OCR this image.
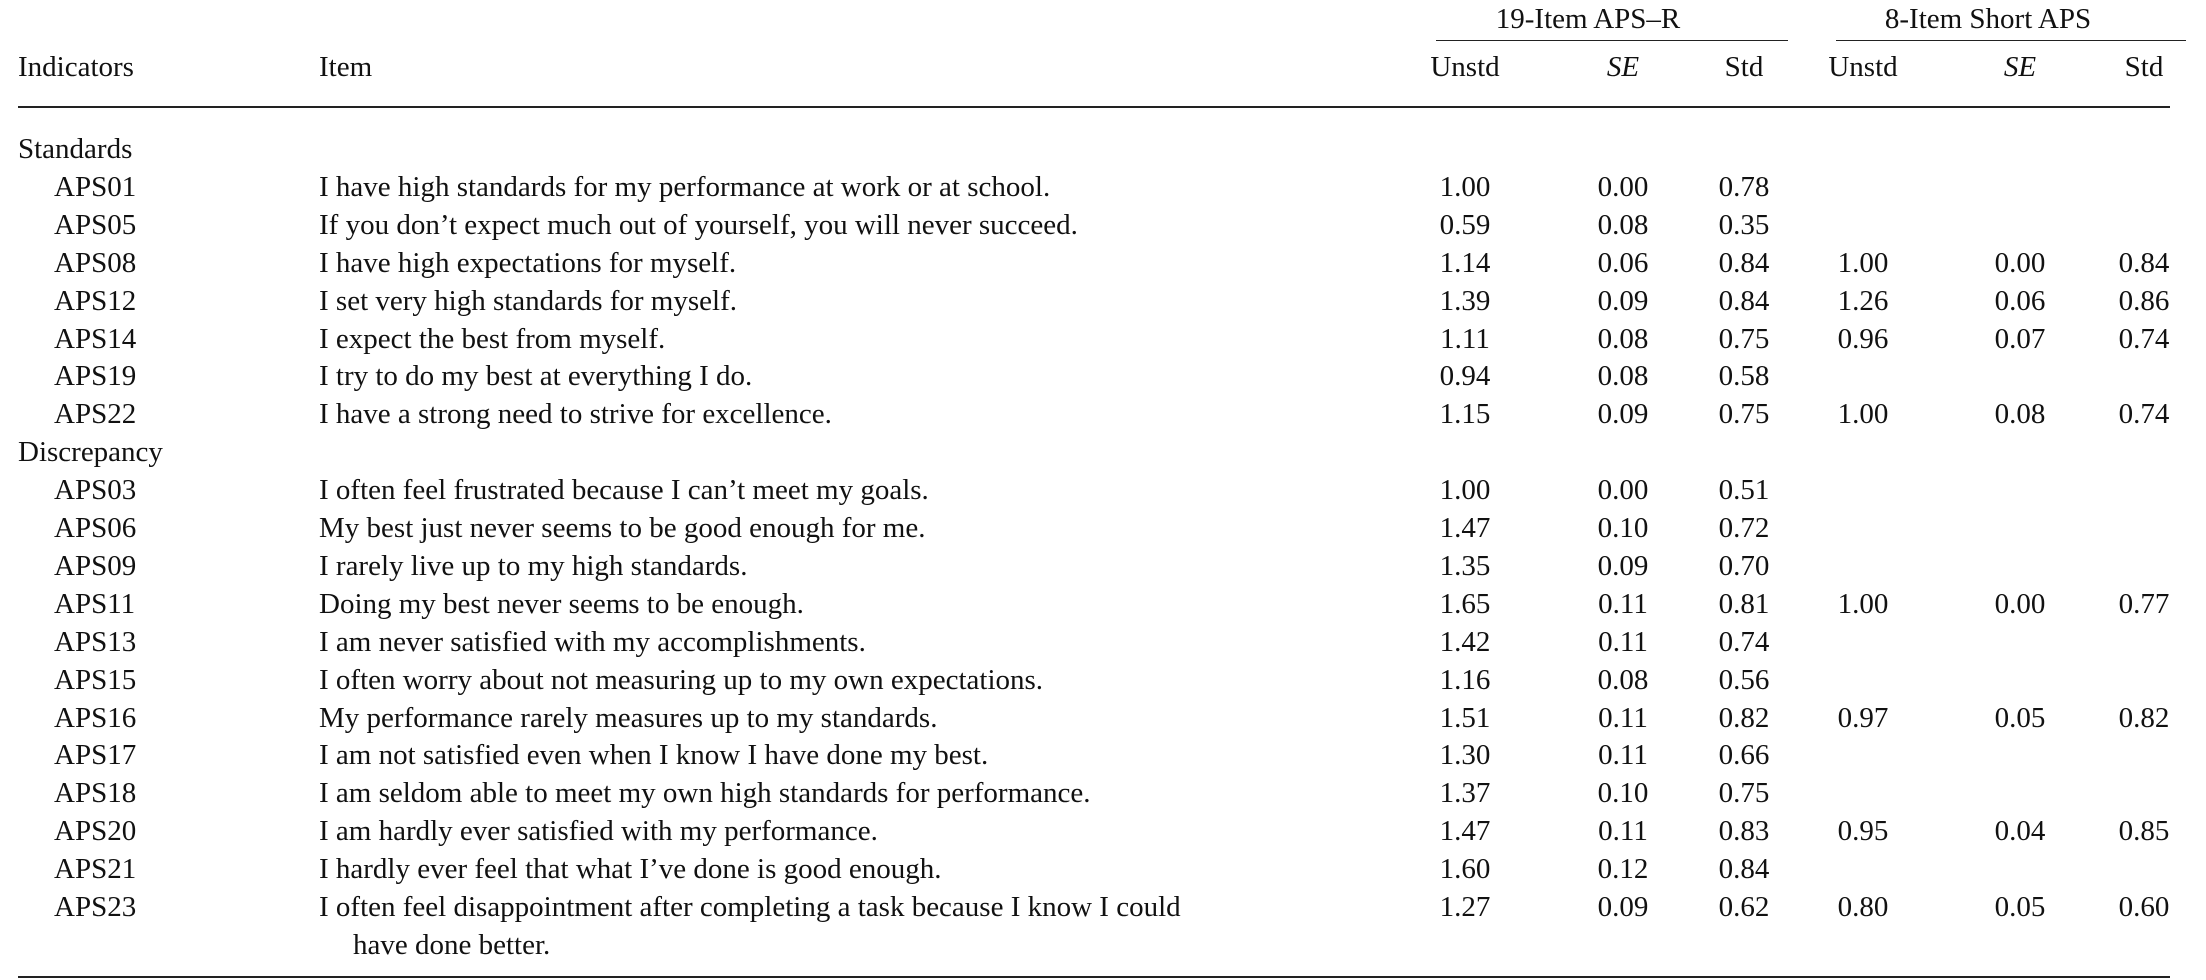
19-Item APS–R	8-Item Short APS
Indicators	Item	Unstd	SE	Std	Unstd	SE	Std
Standards
APS01	I have high standards for my performance at work or at school.	1.00	0.00	0.78
APS05	If you don’t expect much out of yourself, you will never succeed.	0.59	0.08	0.35
APS08	I have high expectations for myself.	1.14	0.06	0.84	1.00	0.00	0.84
APS12	I set very high standards for myself.	1.39	0.09	0.84	1.26	0.06	0.86
APS14	I expect the best from myself.	1.11	0.08	0.75	0.96	0.07	0.74
APS19	I try to do my best at everything I do.	0.94	0.08	0.58
APS22	I have a strong need to strive for excellence.	1.15	0.09	0.75	1.00	0.08	0.74
Discrepancy
APS03	I often feel frustrated because I can’t meet my goals.	1.00	0.00	0.51
APS06	My best just never seems to be good enough for me.	1.47	0.10	0.72
APS09	I rarely live up to my high standards.	1.35	0.09	0.70
APS11	Doing my best never seems to be enough.	1.65	0.11	0.81	1.00	0.00	0.77
APS13	I am never satisfied with my accomplishments.	1.42	0.11	0.74
APS15	I often worry about not measuring up to my own expectations.	1.16	0.08	0.56
APS16	My performance rarely measures up to my standards.	1.51	0.11	0.82	0.97	0.05	0.82
APS17	I am not satisfied even when I know I have done my best.	1.30	0.11	0.66
APS18	I am seldom able to meet my own high standards for performance.	1.37	0.10	0.75
APS20	I am hardly ever satisfied with my performance.	1.47	0.11	0.83	0.95	0.04	0.85
APS21	I hardly ever feel that what I’ve done is good enough.	1.60	0.12	0.84
APS23	I often feel disappointment after completing a task because I know I could	1.27	0.09	0.62	0.80	0.05	0.60
have done better.
